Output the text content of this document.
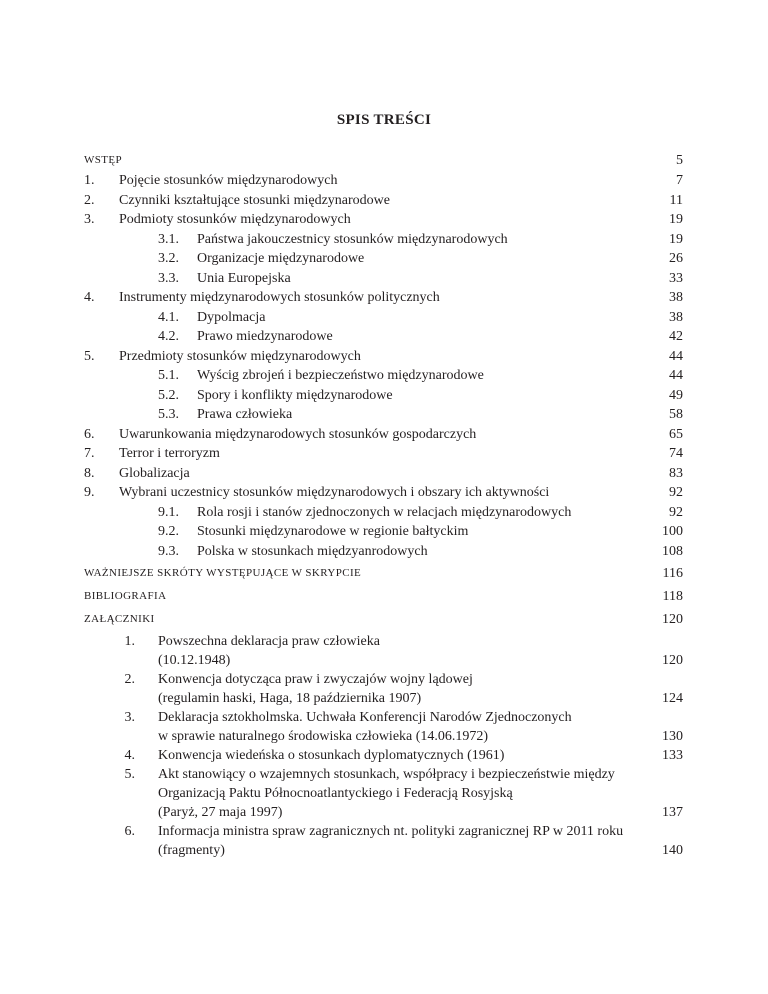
SPIS TREŚCI
WSTĘP	5
1. Pojęcie stosunków międzynarodowych	7
2. Czynniki kształtujące stosunki międzynarodowe	11
3. Podmioty stosunków międzynarodowych	19
3.1. Państwa jakouczestnicy stosunków międzynarodowych	19
3.2. Organizacje międzynarodowe	26
3.3. Unia Europejska	33
4. Instrumenty międzynarodowych stosunków politycznych	38
4.1. Dypolmacja	38
4.2. Prawo miedzynarodowe	42
5. Przedmioty stosunków międzynarodowych	44
5.1. Wyścig zbrojeń i bezpieczeństwo międzynarodowe	44
5.2. Spory i konflikty międzynarodowe	49
5.3. Prawa człowieka	58
6. Uwarunkowania międzynarodowych stosunków gospodarczych	65
7. Terror i terroryzm	74
8. Globalizacja	83
9. Wybrani uczestnicy stosunków międzynarodowych i obszary ich aktywności	92
9.1. Rola rosji i stanów zjednoczonych w relacjach międzynarodowych	92
9.2. Stosunki międzynarodowe w regionie bałtyckim	100
9.3. Polska w stosunkach międzyanrodowych	108
WAŻNIEJSZE SKRÓTY WYSTĘPUJĄCE W SKRYPCIE	116
BIBLIOGRAFIA	118
ZAŁĄCZNIKI	120
1. Powszechna deklaracja praw człowieka
(10.12.1948)	120
2. Konwencja dotycząca praw i zwyczajów wojny lądowej
(regulamin haski, Haga, 18 października 1907)	124
3. Deklaracja sztokholmska. Uchwała Konferencji Narodów Zjednoczonych
w sprawie naturalnego środowiska człowieka (14.06.1972)	130
4. Konwencja wiedeńska o stosunkach dyplomatycznych (1961)	133
5. Akt stanowiący o wzajemnych stosunkach, współpracy i bezpieczeństwie między
Organizacją Paktu Północnoatlantyckiego i Federacją Rosyjską
(Paryż, 27 maja 1997)	137
6. Informacja ministra spraw zagranicznych nt. polityki zagranicznej RP w 2011 roku
(fragmenty)	140
